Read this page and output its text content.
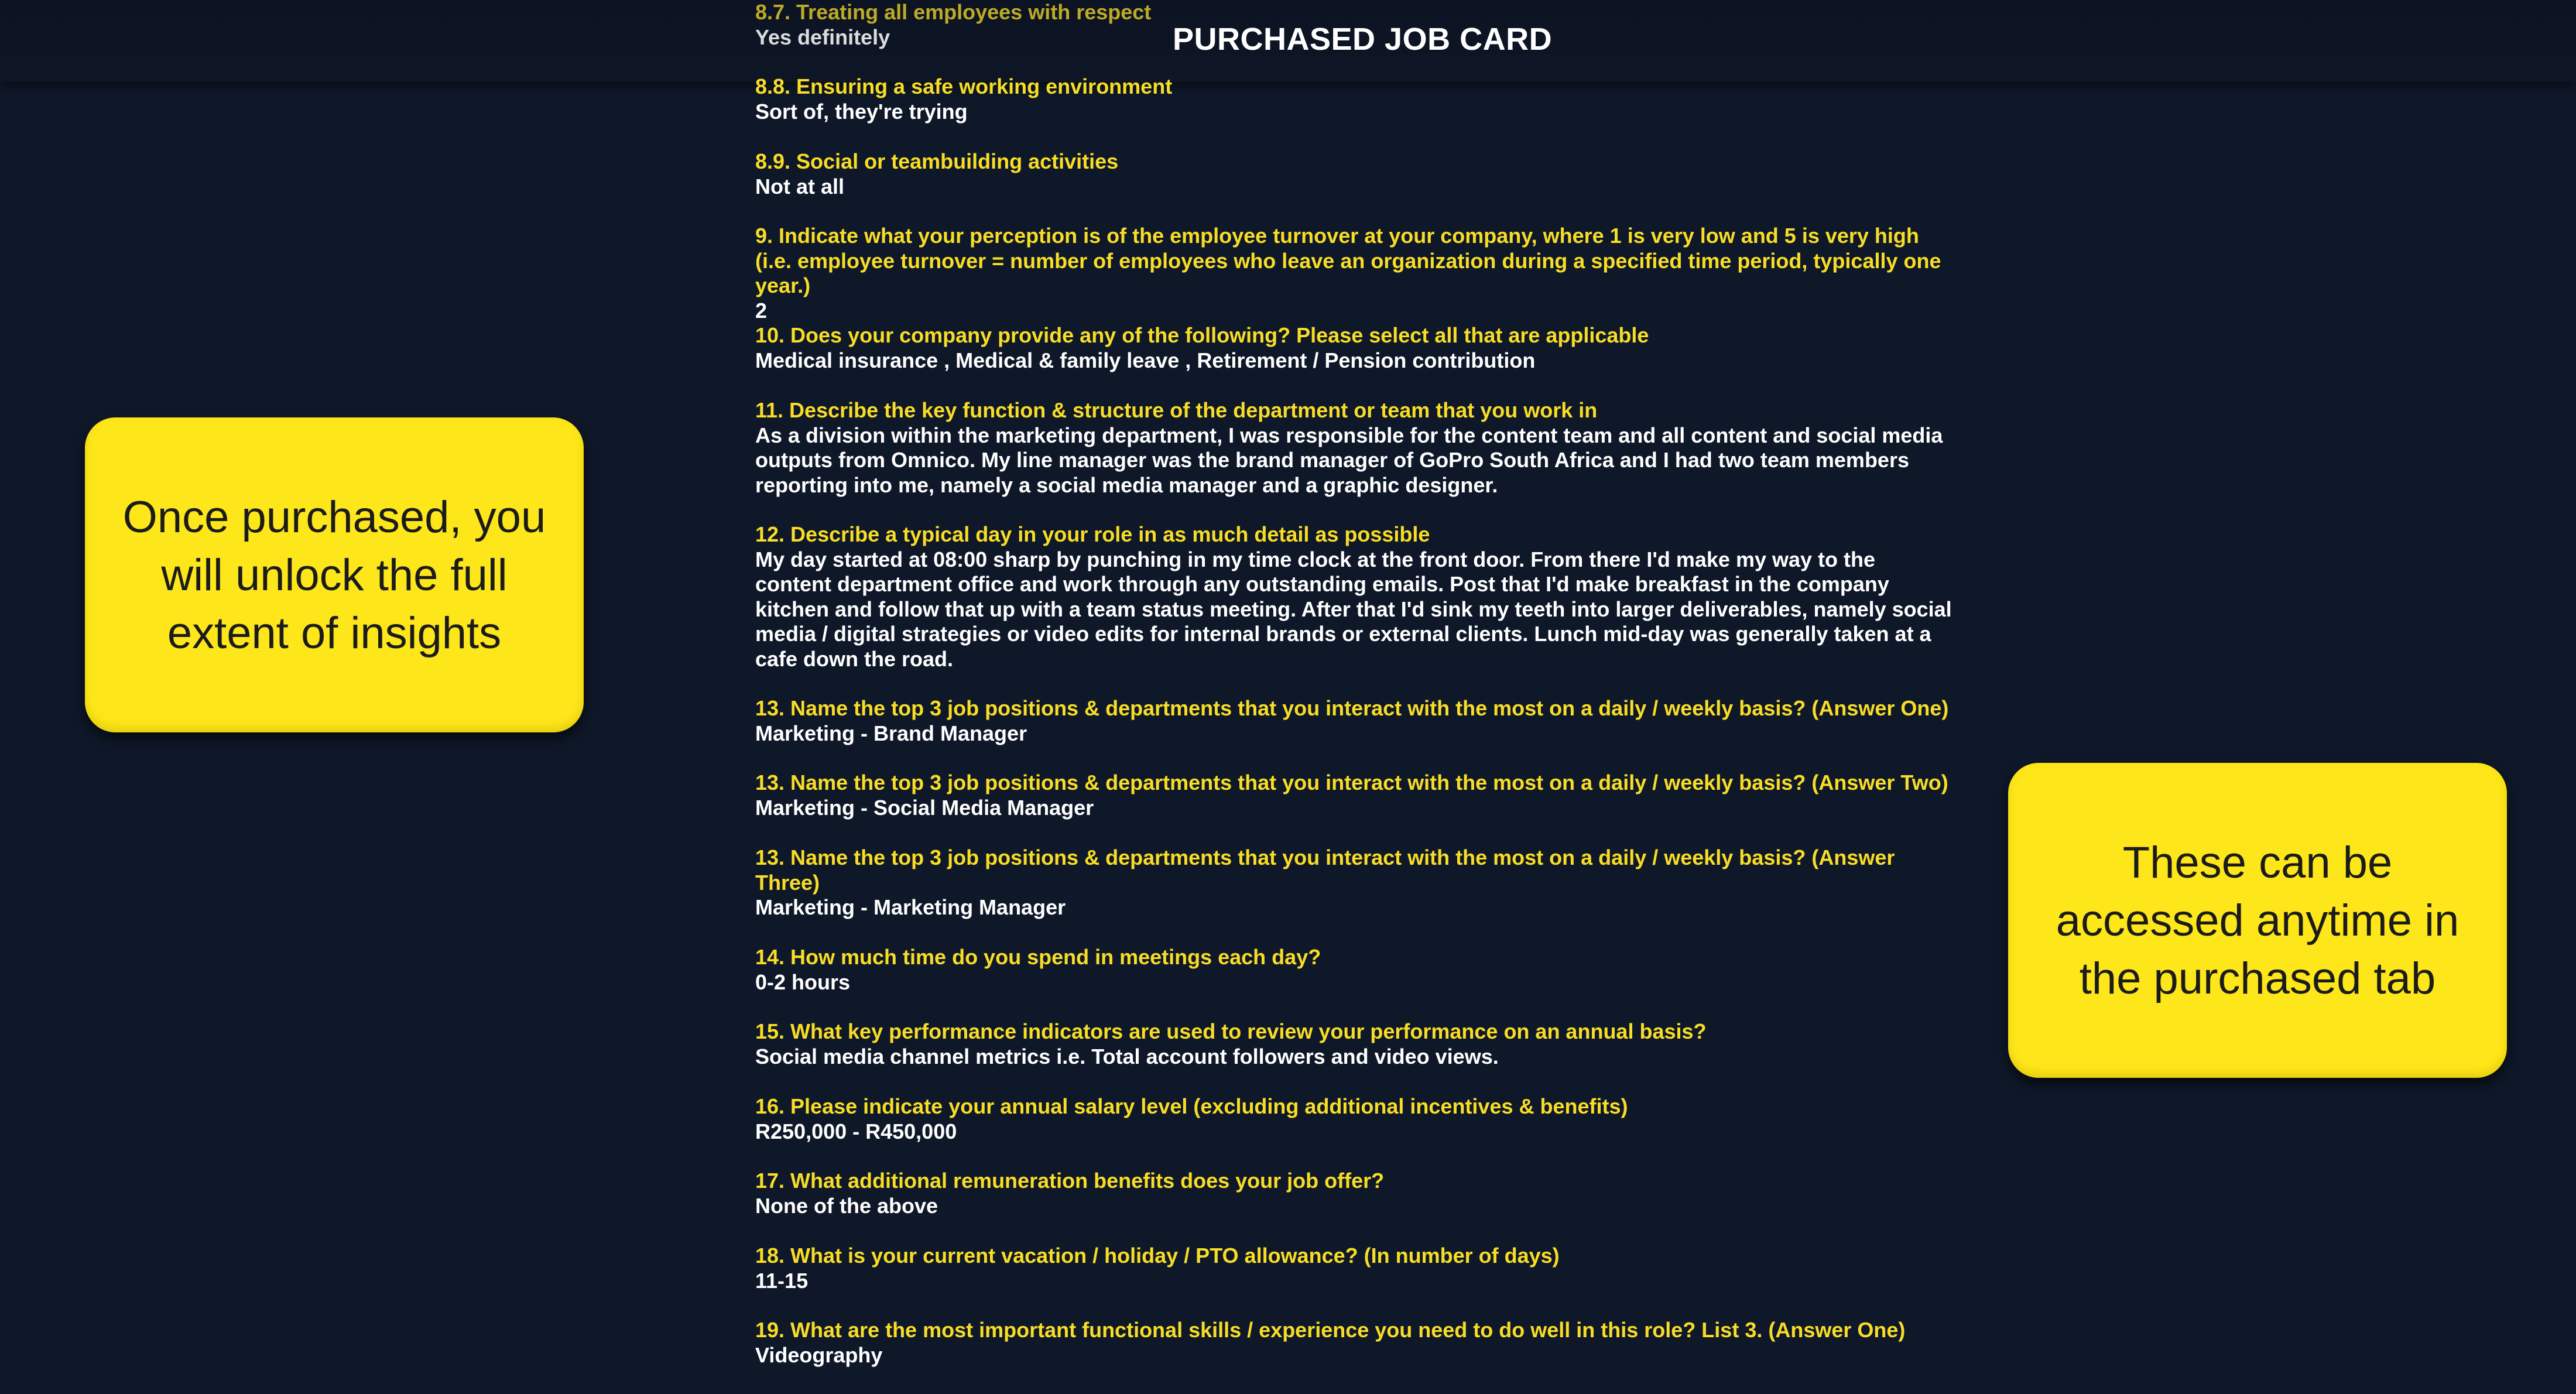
PURCHASED JOB CARD

8.7. Treating all employees with respect

Yes definitely

8.8. Ensuring a safe working environment

Sort of, they're trying

8.9. Social or teambuilding activities

Not at all

9. Indicate what your perception is of the employee turnover at your company, where 1 is very low and 5 is very high (i.e. employee turnover = number of employees who leave an organization during a specified time period, typically one year.)

2

10. Does your company provide any of the following? Please select all that are applicable

Medical insurance , Medical & family leave , Retirement / Pension contribution

11. Describe the key function & structure of the department or team that you work in

As a division within the marketing department, I was responsible for the content team and all content and social media outputs from Omnico. My line manager was the brand manager of GoPro South Africa and I had two team members reporting into me, namely a social media manager and a graphic designer.

12. Describe a typical day in your role in as much detail as possible

My day started at 08:00 sharp by punching in my time clock at the front door. From there I'd make my way to the content department office and work through any outstanding emails. Post that I'd make breakfast in the company kitchen and follow that up with a team status meeting. After that I'd sink my teeth into larger deliverables, namely social media / digital strategies or video edits for internal brands or external clients. Lunch mid-day was generally taken at a cafe down the road.

13. Name the top 3 job positions & departments that you interact with the most on a daily / weekly basis? (Answer One)

Marketing - Brand Manager

13. Name the top 3 job positions & departments that you interact with the most on a daily / weekly basis? (Answer Two)

Marketing - Social Media Manager

13. Name the top 3 job positions & departments that you interact with the most on a daily / weekly basis? (Answer Three)

Marketing - Marketing Manager

14. How much time do you spend in meetings each day?

0-2 hours

15. What key performance indicators are used to review your performance on an annual basis?

Social media channel metrics i.e. Total account followers and video views.

16. Please indicate your annual salary level (excluding additional incentives & benefits)

R250,000 - R450,000

17. What additional remuneration benefits does your job offer?

None of the above

18. What is your current vacation / holiday / PTO allowance? (In number of days)

11-15

19. What are the most important functional skills / experience you need to do well in this role? List 3. (Answer One)

Videography

Once purchased, you will unlock the full extent of insights
These can be accessed anytime in the purchased tab
